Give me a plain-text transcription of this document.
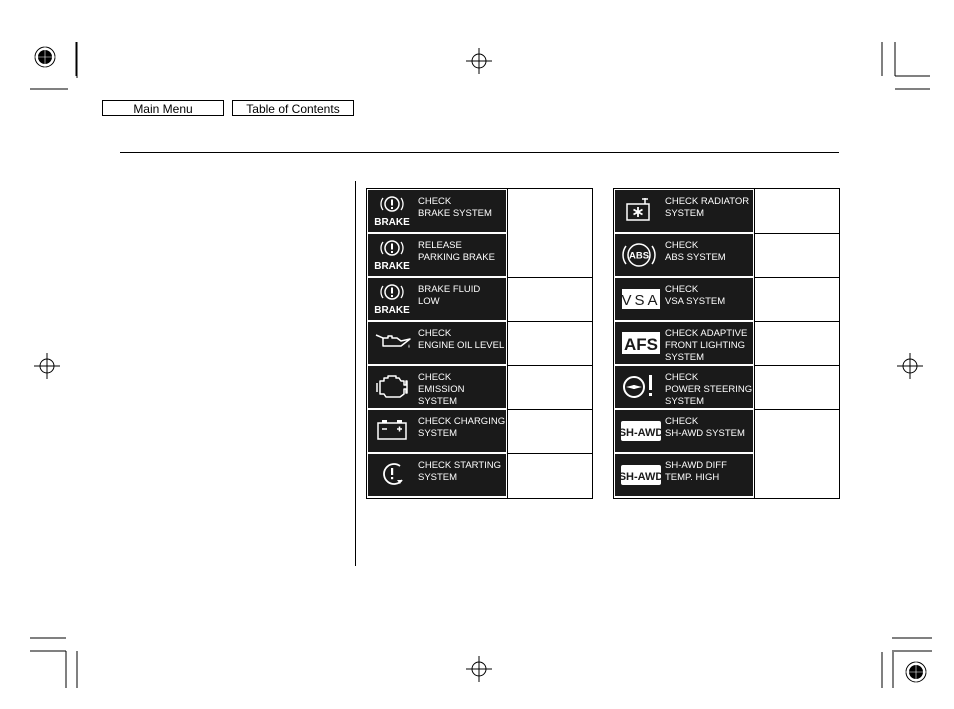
Main Menu	Table of Contents
BRAKE
CHECK
BRAKE SYSTEM
BRAKE
RELEASE
PARKING BRAKE
BRAKE
BRAKE FLUID
LOW
CHECK
ENGINE OIL LEVEL
CHECK
EMISSION SYSTEM
CHECK CHARGING
SYSTEM
CHECK STARTING
SYSTEM
CHECK RADIATOR
SYSTEM
ABS
CHECK
ABS SYSTEM
VSA
CHECK
VSA SYSTEM
AFS
CHECK ADAPTIVE
FRONT LIGHTING
SYSTEM
CHECK
POWER STEERING
SYSTEM
SH-AWD
CHECK
SH-AWD SYSTEM
SH-AWD
SH-AWD DIFF
TEMP. HIGH
